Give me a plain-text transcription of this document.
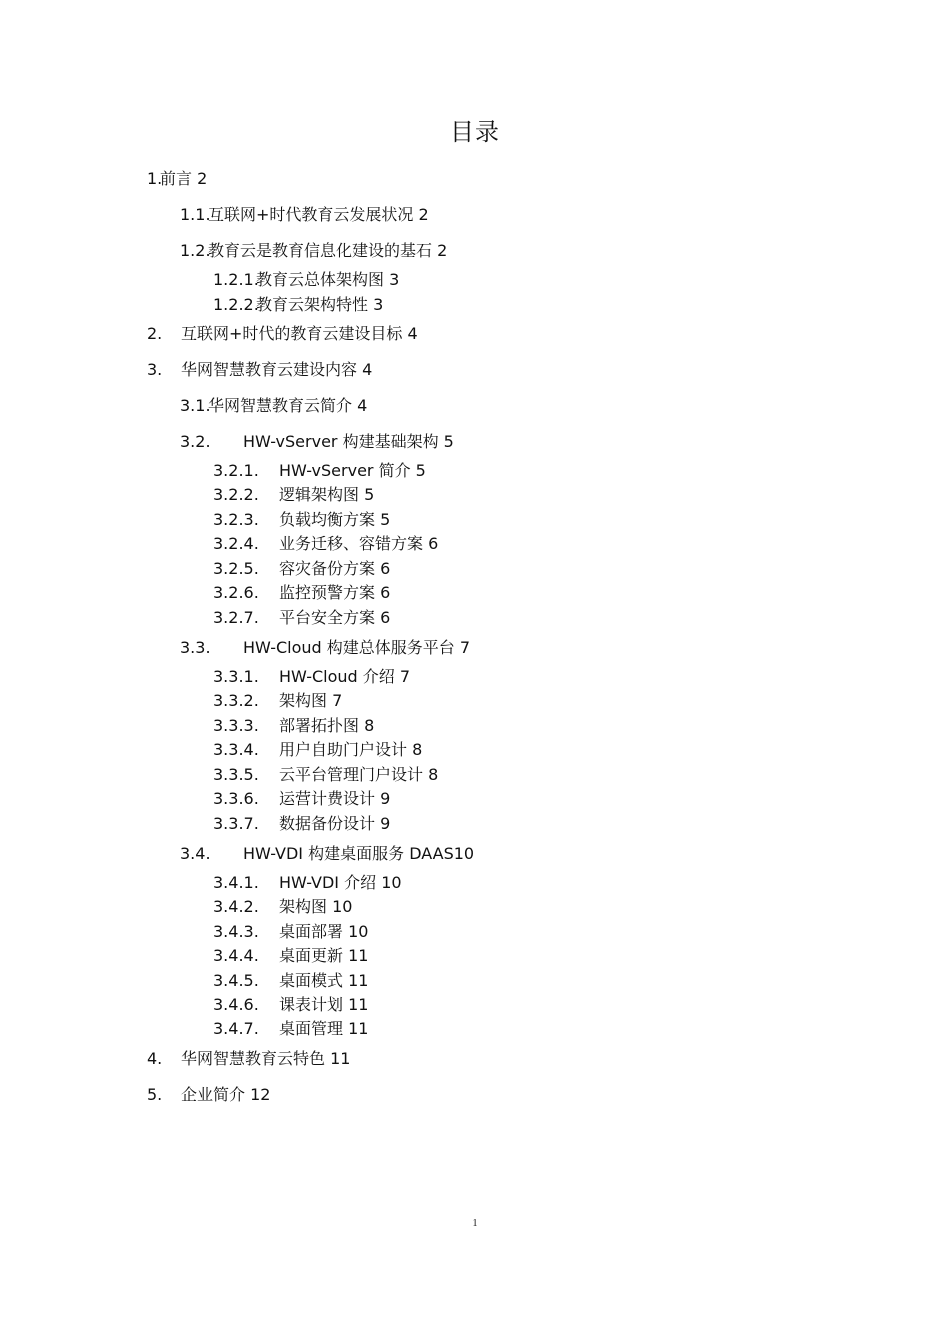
目录
1.
前言 2
1.1.
互联网+时代教育云发展状况 2
1.2.
教育云是教育信息化建设的基石 2
1.2.1.
教育云总体架构图 3
1.2.2.
教育云架构特性 3
2. 互联网+时代的教育云建设目标 4
3. 华网智慧教育云建设内容 4
3.1.
华网智慧教育云简介 4
3.2. HW-vServer 构建基础架构 5
3.2.1. HW-vServer 简介 5
3.2.2. 逻辑架构图 5
3.2.3. 负载均衡方案 5
3.2.4. 业务迁移、容错方案 6
3.2.5. 容灾备份方案 6
3.2.6. 监控预警方案 6
3.2.7. 平台安全方案 6
3.3. HW-Cloud 构建总体服务平台 7
3.3.1. HW-Cloud 介绍 7
3.3.2. 架构图 7
3.3.3. 部署拓扑图 8
3.3.4. 用户自助门户设计 8
3.3.5. 云平台管理门户设计 8
3.3.6. 运营计费设计 9
3.3.7. 数据备份设计 9
3.4. HW-VDI 构建桌面服务 DAAS10
3.4.1. HW-VDI 介绍 10
3.4.2. 架构图 10
3.4.3. 桌面部署 10
3.4.4. 桌面更新 11
3.4.5. 桌面模式 11
3.4.6. 课表计划 11
3.4.7. 桌面管理 11
4. 华网智慧教育云特色 11
5. 企业简介 12
1
